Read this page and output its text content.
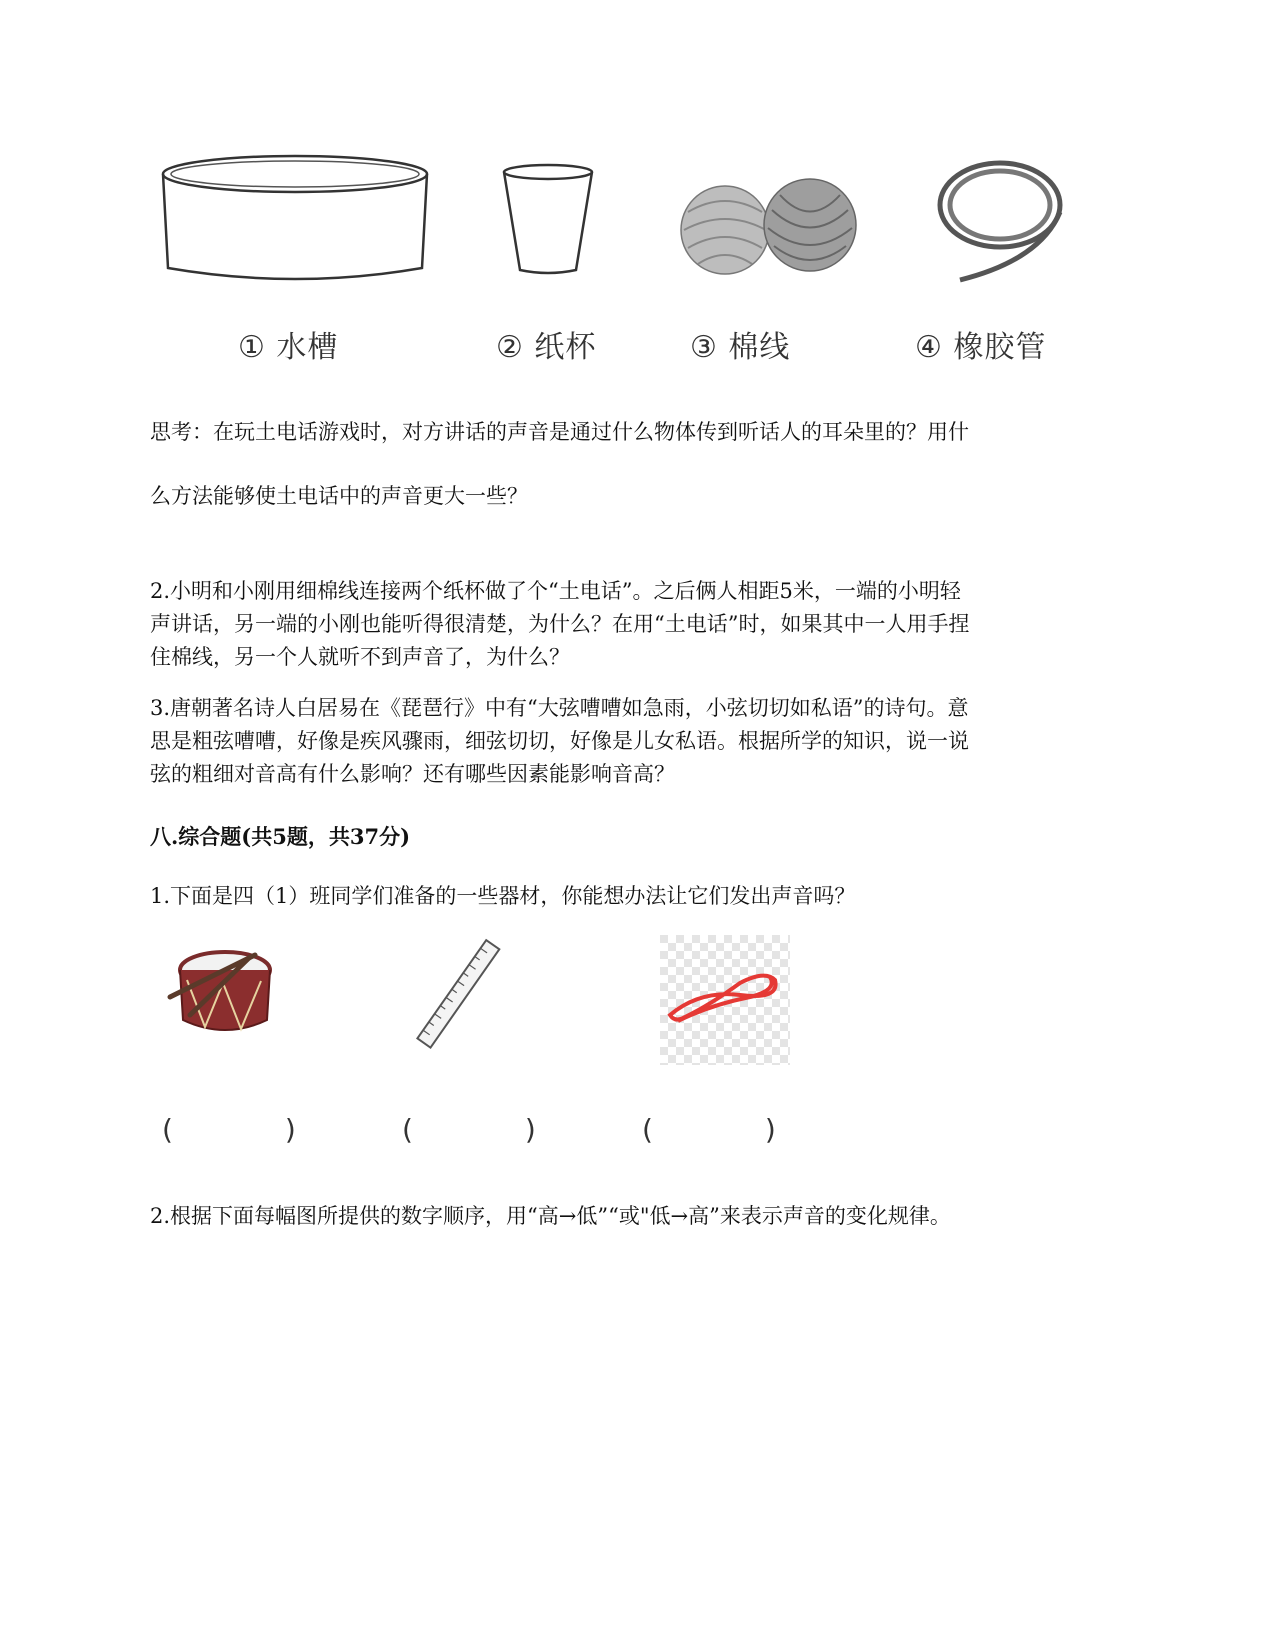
① 水槽	② 纸杯	③ 棉线	④ 橡胶管
思考：在玩土电话游戏时，对方讲话的声音是通过什么物体传到听话人的耳朵里的？用什
么方法能够使土电话中的声音更大一些？
2.小明和小刚用细棉线连接两个纸杯做了个“土电话”。之后俩人相距5米，一端的小明轻
声讲话，另一端的小刚也能听得很清楚，为什么？在用“土电话”时，如果其中一人用手捏
住棉线，另一个人就听不到声音了，为什么？
3.唐朝著名诗人白居易在《琵琶行》中有“大弦嘈嘈如急雨，小弦切切如私语”的诗句。意
思是粗弦嘈嘈，好像是疾风骤雨，细弦切切，好像是儿女私语。根据所学的知识，说一说
弦的粗细对音高有什么影响？还有哪些因素能影响音高？
八.综合题(共5题，共37分)
1.下面是四（1）班同学们准备的一些器材，你能想办法让它们发出声音吗？
(　　　　)	(　　　　)	(　　　　)
2.根据下面每幅图所提供的数字顺序，用“高→低”“或"低→高”来表示声音的变化规律。
